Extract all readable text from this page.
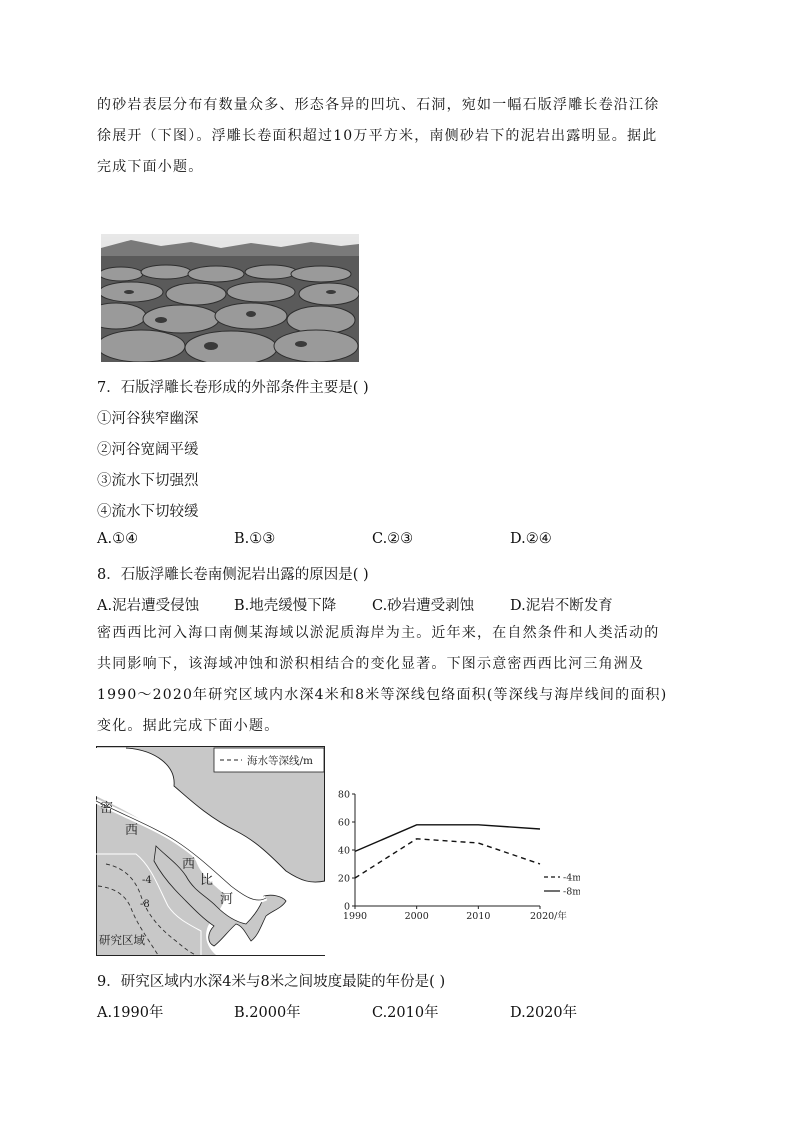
的砂岩表层分布有数量众多、形态各异的凹坑、石洞，宛如一幅石版浮雕长卷沿江徐
徐展开（下图）。浮雕长卷面积超过10万平方米，南侧砂岩下的泥岩出露明显。据此
完成下面小题。
7．石版浮雕长卷形成的外部条件主要是( )
①河谷狭窄幽深
②河谷宽阔平缓
③流水下切强烈
④流水下切较缓
A.①④	B.①③	C.②③	D.②④
8．石版浮雕长卷南侧泥岩出露的原因是( )
A.泥岩遭受侵蚀 B.地壳缓慢下降 C.砂岩遭受剥蚀 D.泥岩不断发育
密西西比河入海口南侧某海域以淤泥质海岸为主。近年来，在自然条件和人类活动的
共同影响下，该海域冲蚀和淤积相结合的变化显著。下图示意密西西比河三角洲及
1990～2020年研究区域内水深4米和8米等深线包络面积(等深线与海岸线间的面积)
变化。据此完成下面小题。
海水等深线/m
密
西
西
比
河
-4
-8
研究区域
0
20
40
60
80
1990	2000	2010	2020/年
-4m
-8m
9．研究区域内水深4米与8米之间坡度最陡的年份是( )
A.1990年	B.2000年	C.2010年	D.2020年
